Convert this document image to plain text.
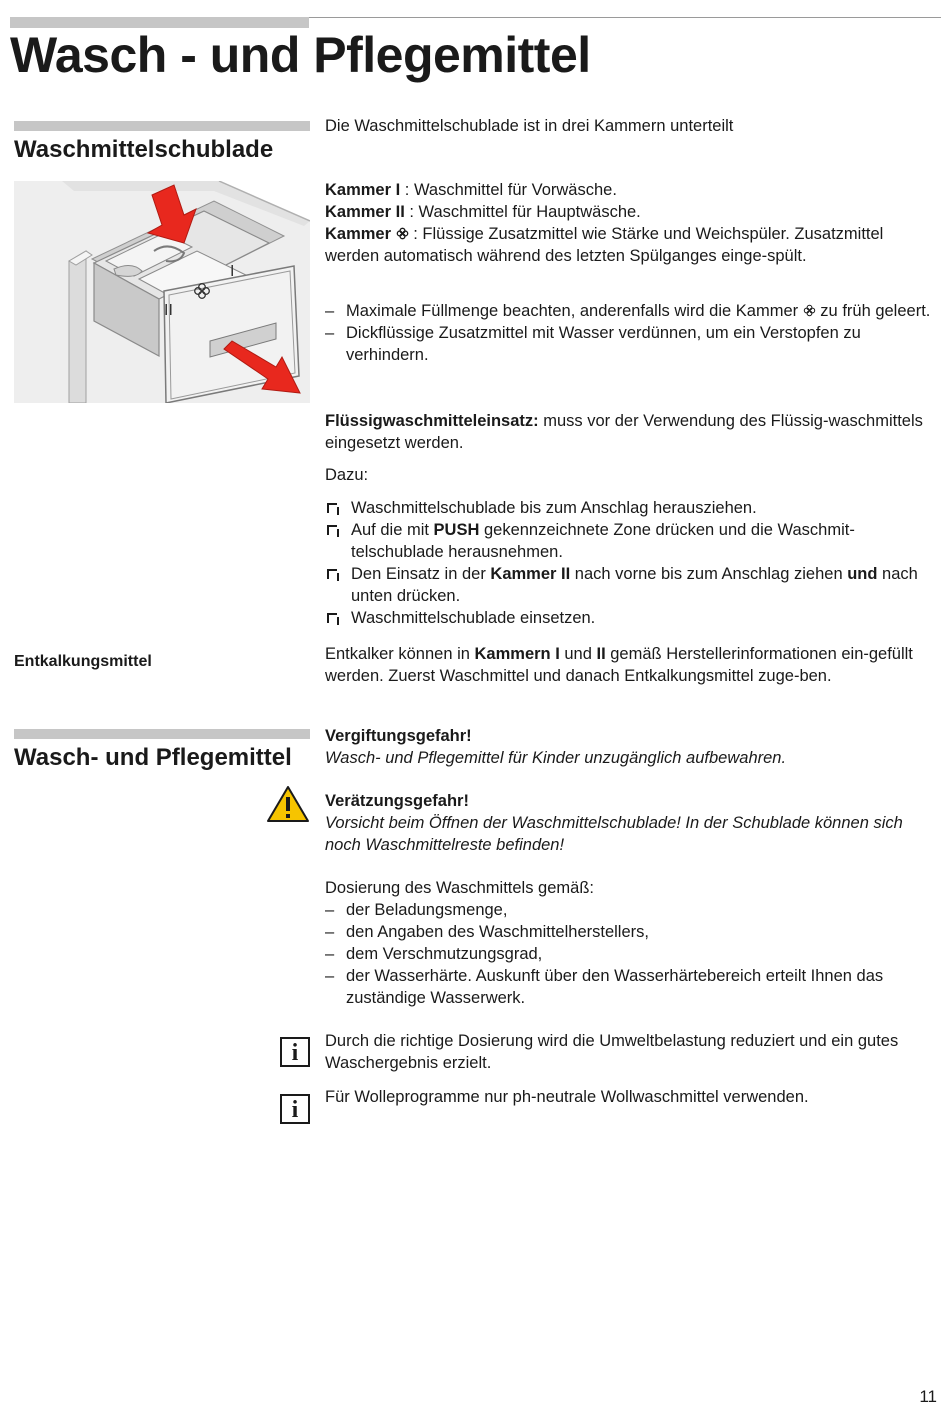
Wasch - und Pflegemittel
Waschmittelschublade
I
II
Die Waschmittelschublade ist in drei Kammern unterteilt

Kammer I : Waschmittel für Vorwäsche.

Kammer II : Waschmittel für Hauptwäsche.

Kammer  : Flüssige Zusatzmittel wie Stärke und Weichspüler. Zusatzmittel werden automatisch während des letzten Spülganges einge-spült.

– Maximale Füllmenge beachten, anderenfalls wird die Kammer  zu früh geleert.
– Dickflüssige Zusatzmittel mit Wasser verdünnen, um ein Verstopfen zu verhindern.

Flüssigwaschmitteleinsatz: muss vor der Verwendung des Flüssig-waschmittels eingesetzt werden.

Dazu:
Waschmittelschublade bis zum Anschlag herausziehen.
Auf die mit PUSH gekennzeichnete Zone drücken und die Waschmit-telschublade herausnehmen.
Den Einsatz in der Kammer II nach vorne bis zum Anschlag ziehen und nach unten drücken.
Waschmittelschublade einsetzen.
Entkalkungsmittel	Entkalker können in Kammern I und II gemäß Herstellerinformationen ein-gefüllt werden. Zuerst Waschmittel und danach Entkalkungsmittel zuge-ben.

Wasch- und Pflegemittel

Vergiftungsgefahr!

Wasch- und Pflegemittel für Kinder unzugänglich aufbewahren.

Verätzungsgefahr!

Vorsicht beim Öffnen der Waschmittelschublade! In der Schublade können sich noch Waschmittelreste befinden!

Dosierung des Waschmittels gemäß:

– der Beladungsmenge,
– den Angaben des Waschmittelherstellers,
– dem Verschmutzungsgrad,
– der Wasserhärte. Auskunft über den Wasserhärtebereich erteilt Ihnen das zuständige Wasserwerk.
i	Durch die richtige Dosierung wird die Umweltbelastung reduziert und ein gutes Waschergebnis erzielt.
i	Für Wolleprogramme nur ph-neutrale Wollwaschmittel verwenden.
11
